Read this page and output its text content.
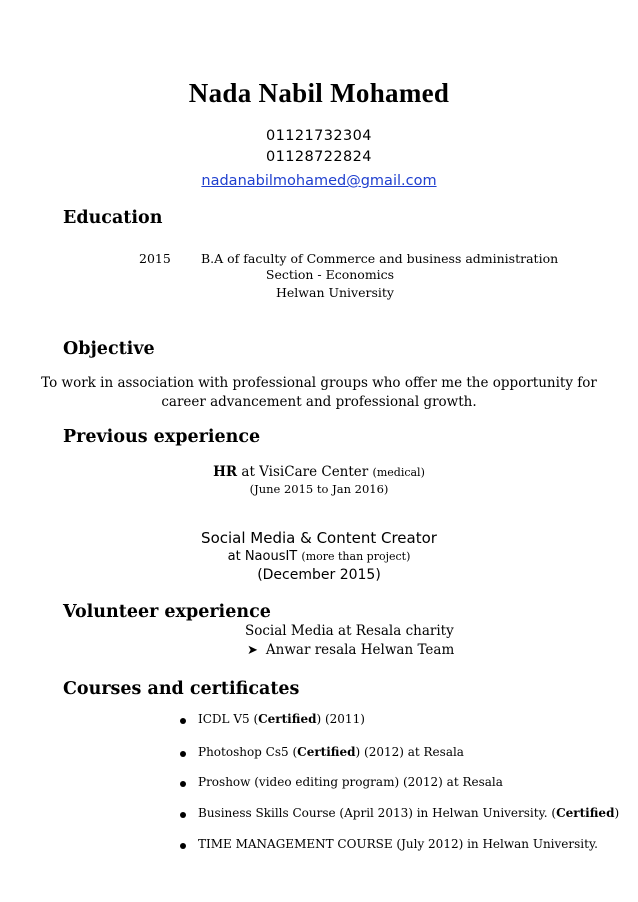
Nada Nabil Mohamed
01121732304
01128722824
nadanabilmohamed@gmail.com
Education
2015 B.A of faculty of Commerce and business administration
Section - Economics
Helwan University
Objective
To work in association with professional groups who offer me the opportunity for
career advancement and professional growth.
Previous experience
HR at VisiCare Center (medical)
(June 2015 to Jan 2016)
Social Media & Content Creator
at NaousIT (more than project)
(December 2015)
Volunteer experience
Social Media at Resala charity
➤ Anwar resala Helwan Team
Courses and certificates
ICDL V5 (Certified) (2011)
Photoshop Cs5 (Certified) (2012) at Resala
Proshow (video editing program) (2012) at Resala
Business Skills Course (April 2013) in Helwan University. (Certified)
TIME MANAGEMENT COURSE (July 2012) in Helwan University.
